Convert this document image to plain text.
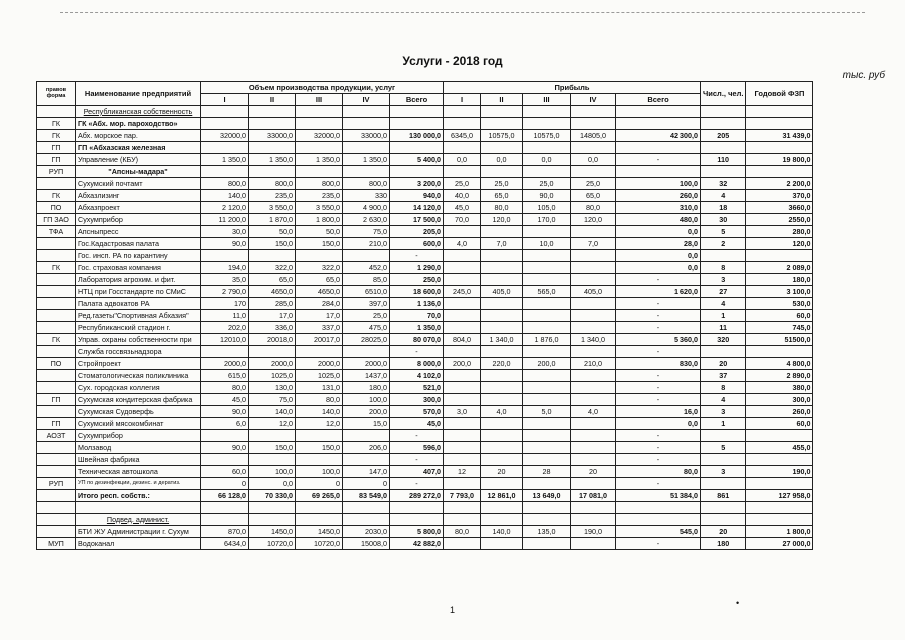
Услуги - 2018 год
тыс. руб
правов форма	Наименование предприятий	Объем производства продукции, услуг					Прибыль					Числ., чел.	Годовой ФЗП
		I	II	III	IV	Всего	I	II	III	IV	Всего		
	Республиканская собственность												
ГК	ГК «Абх. мор. пароходство»												
ГК	Абх. морское пар.	32000,0	33000,0	32000,0	33000,0	130 000,0	6345,0	10575,0	10575,0	14805,0	42 300,0	205	31 439,0
ГП	ГП «Абхазская железная												
ГП	Управление (КБУ)	1 350,0	1 350,0	1 350,0	1 350,0	5 400,0	0,0	0,0	0,0	0,0	-	110	19 800,0
РУП	"Апсны-мадара"												
	Сухумский почтамт	800,0	800,0	800,0	800,0	3 200,0	25,0	25,0	25,0	25,0	100,0	32	2 200,0
ГК	Абхазлизинг	140,0	235,0	235,0	330	940,0	40,0	65,0	90,0	65,0	260,0	4	370,0
ПО	Абхазпроект	2 120,0	3 550,0	3 550,0	4 900,0	14 120,0	45,0	80,0	105,0	80,0	310,0	18	3660,0
ГП ЗАО	Сухумприбор	11 200,0	1 870,0	1 800,0	2 630,0	17 500,0	70,0	120,0	170,0	120,0	480,0	30	2550,0
ТФА	Апсныпресс	30,0	50,0	50,0	75,0	205,0					0,0	5	280,0
	Гос.Кадастровая палата	90,0	150,0	150,0	210,0	600,0	4,0	7,0	10,0	7,0	28,0	2	120,0
	Гос. инсп. РА по карантину					-					0,0		
ГК	Гос. страховая компания	194,0	322,0	322,0	452,0	1 290,0					0,0	8	2 089,0
	Лаборатория агрохим. и фит.	35,0	65,0	65,0	85,0	250,0					-	3	180,0
	НТЦ при Госстандарте по СМиС	2 790,0	4650,0	4650,0	6510,0	18 600,0	245,0	405,0	565,0	405,0	1 620,0	27	3 100,0
	Палата адвокатов РА	170	285,0	284,0	397,0	1 136,0					-	4	530,0
	Ред.газеты"Спортивная Абхазия"	11,0	17,0	17,0	25,0	70,0					-	1	60,0
	Республиканский стадион г.	202,0	336,0	337,0	475,0	1 350,0					-	11	745,0
ГК	Управ. охраны собственности при	12010,0	20018,0	20017,0	28025,0	80 070,0	804,0	1 340,0	1 876,0	1 340,0	5 360,0	320	51500,0
	Служба госсвязьнадзора					-					-		
ПО	Стройпроект	2000,0	2000,0	2000,0	2000,0	8 000,0	200,0	220,0	200,0	210,0	830,0	20	4 800,0
	Стоматологическая поликлиника	615,0	1025,0	1025,0	1437,0	4 102,0					-	37	2 890,0
	Сух. городская коллегия	80,0	130,0	131,0	180,0	521,0					-	8	380,0
ГП	Сухумская кондитерская фабрика	45,0	75,0	80,0	100,0	300,0					-	4	300,0
	Сухумская Судоверфь	90,0	140,0	140,0	200,0	570,0	3,0	4,0	5,0	4,0	16,0	3	260,0
ГП	Сухумский мясокомбинат	6,0	12,0	12,0	15,0	45,0					0,0	1	60,0
АОЗТ	Сухумприбор					-					-		
	Молзавод	90,0	150,0	150,0	206,0	596,0					-	5	455,0
	Швейная фабрика					-					-		
	Техническая автошкола	60,0	100,0	100,0	147,0	407,0	12	20	28	20	80,0	3	190,0
РУП	УП по дезинфекции, дезинс. и дератиз.	0	0,0	0	0	-					-		
	Итого респ. собств.:	66 128,0	70 330,0	69 265,0	83 549,0	289 272,0	7 793,0	12 861,0	13 649,0	17 081,0	51 384,0	861	127 958,0

	Подвед. админист.												
	БТИ ЖУ Администрации г. Сухум	870,0	1450,0	1450,0	2030,0	5 800,0	80,0	140,0	135,0	190,0	545,0	20	1 800,0
МУП	Водоканал	6434,0	10720,0	10720,0	15008,0	42 882,0					-	180	27 000,0
•
1
